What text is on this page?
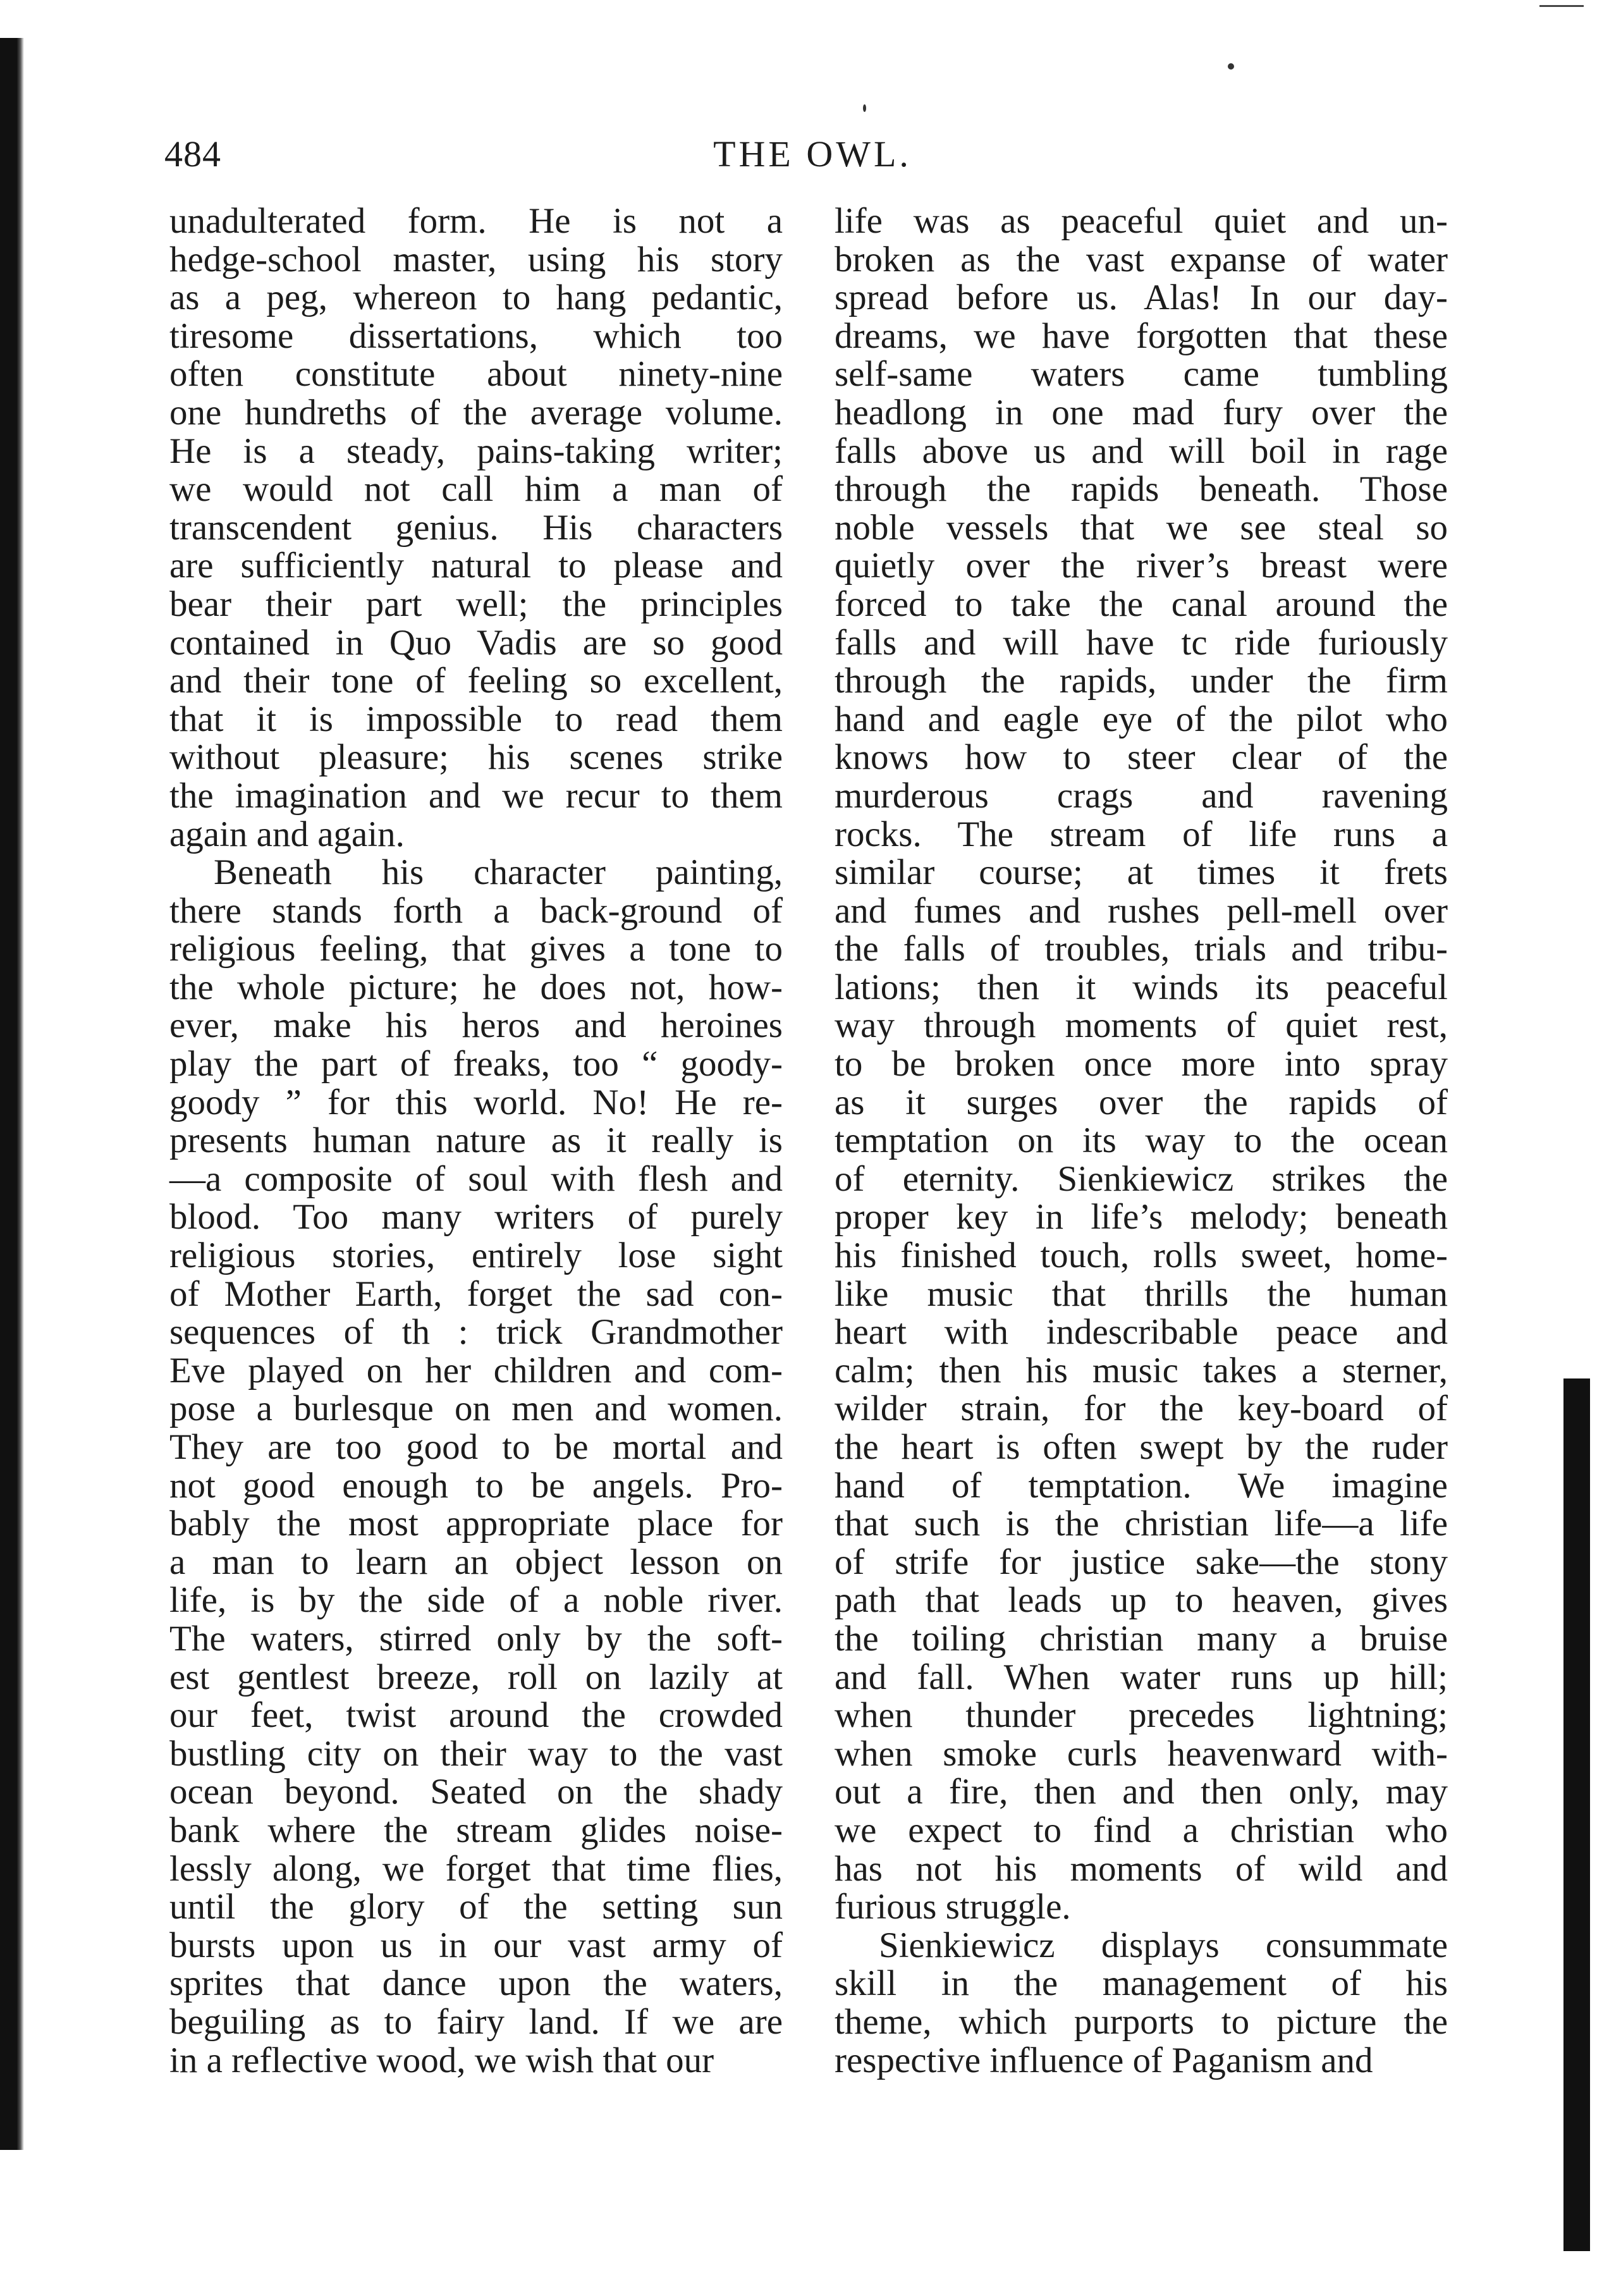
484	THE OWL.
unadulterated form. He is not a
hedge-school master, using his story
as a peg, whereon to hang pedantic,
tiresome dissertations, which too
often constitute about ninety-nine
one hundreths of the average volume.
He is a steady, pains-taking writer;
we would not call him a man of
transcendent genius. His characters
are sufficiently natural to please and
bear their part well; the principles
contained in Quo Vadis are so good
and their tone of feeling so excellent,
that it is impossible to read them
without pleasure; his scenes strike
the imagination and we recur to them
again and again.
Beneath his character painting,
there stands forth a back-ground of
religious feeling, that gives a tone to
the whole picture; he does not, how-
ever, make his heros and heroines
play the part of freaks, too “ goody-
goody ” for this world. No! He re-
presents human nature as it really is
—a composite of soul with flesh and
blood. Too many writers of purely
religious stories, entirely lose sight
of Mother Earth, forget the sad con-
sequences of th : trick Grandmother
Eve played on her children and com-
pose a burlesque on men and women.
They are too good to be mortal and
not good enough to be angels. Pro-
bably the most appropriate place for
a man to learn an object lesson on
life, is by the side of a noble river.
The waters, stirred only by the soft-
est gentlest breeze, roll on lazily at
our feet, twist around the crowded
bustling city on their way to the vast
ocean beyond. Seated on the shady
bank where the stream glides noise-
lessly along, we forget that time flies,
until the glory of the setting sun
bursts upon us in our vast army of
sprites that dance upon the waters,
beguiling as to fairy land. If we are
in a reflective wood, we wish that our
life was as peaceful quiet and un-
broken as the vast expanse of water
spread before us. Alas! In our day-
dreams, we have forgotten that these
self-same waters came tumbling
headlong in one mad fury over the
falls above us and will boil in rage
through the rapids beneath. Those
noble vessels that we see steal so
quietly over the river’s breast were
forced to take the canal around the
falls and will have tc ride furiously
through the rapids, under the firm
hand and eagle eye of the pilot who
knows how to steer clear of the
murderous crags and ravening
rocks. The stream of life runs a
similar course; at times it frets
and fumes and rushes pell-mell over
the falls of troubles, trials and tribu-
lations; then it winds its peaceful
way through moments of quiet rest,
to be broken once more into spray
as it surges over the rapids of
temptation on its way to the ocean
of eternity. Sienkiewicz strikes the
proper key in life’s melody; beneath
his finished touch, rolls sweet, home-
like music that thrills the human
heart with indescribable peace and
calm; then his music takes a sterner,
wilder strain, for the key-board of
the heart is often swept by the ruder
hand of temptation. We imagine
that such is the christian life—a life
of strife for justice sake—the stony
path that leads up to heaven, gives
the toiling christian many a bruise
and fall. When water runs up hill;
when thunder precedes lightning;
when smoke curls heavenward with-
out a fire, then and then only, may
we expect to find a christian who
has not his moments of wild and
furious struggle.
Sienkiewicz displays consummate
skill in the management of his
theme, which purports to picture the
respective influence of Paganism and
